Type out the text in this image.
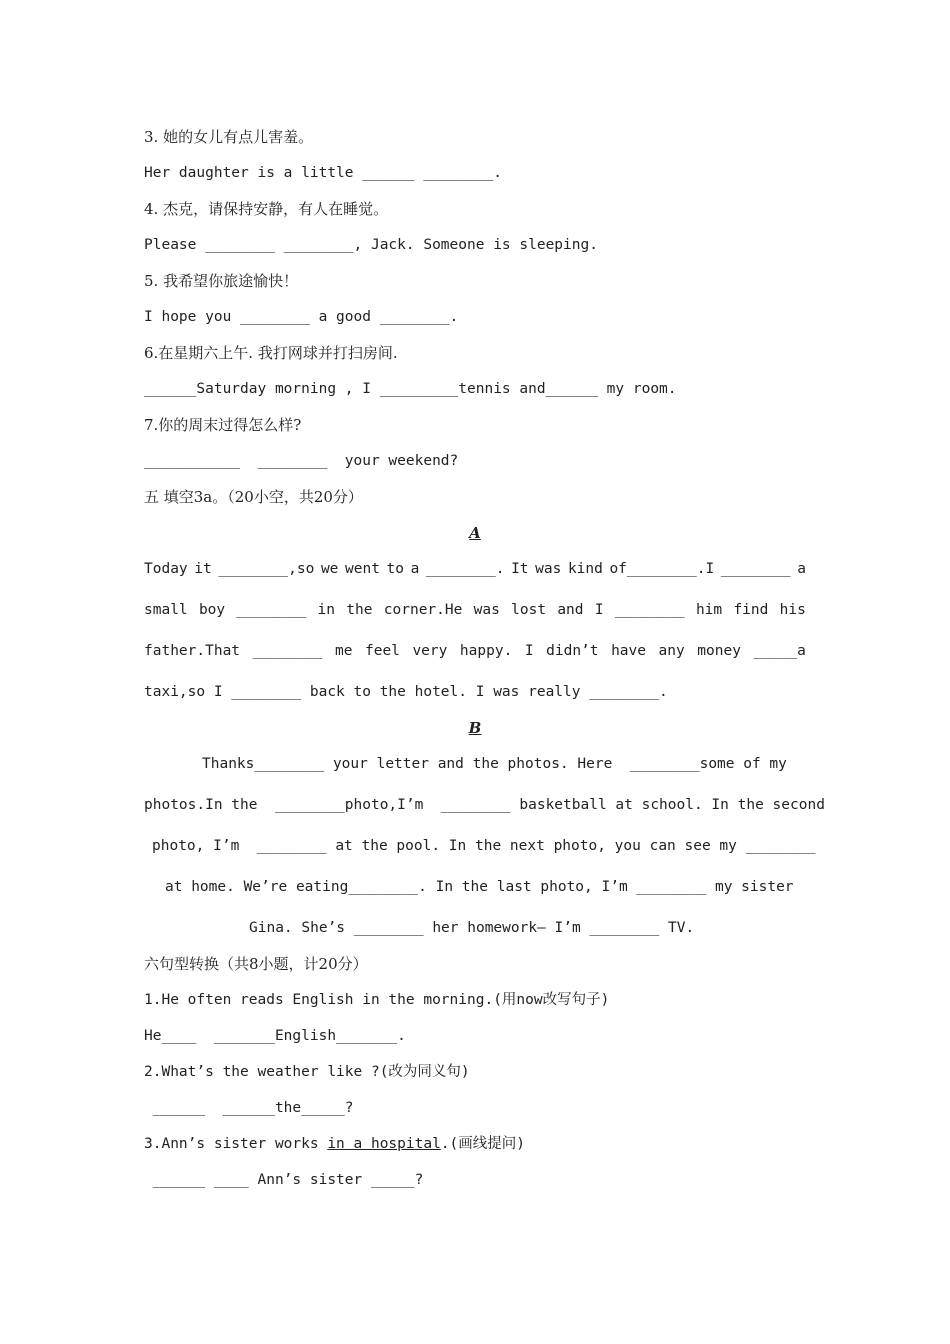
3. 她的女儿有点儿害羞。
Her daughter is a little ______ ________.
4. 杰克，请保持安静，有人在睡觉。
Please ________ ________, Jack. Someone is sleeping.
5. 我希望你旅途愉快！
I hope you ________ a good ________.
6.在星期六上午. 我打网球并打扫房间.
______Saturday morning , I _________tennis and______ my room.
7.你的周末过得怎么样?
___________  ________  your weekend?
五 填空3a。（20小空，共20分）
A
Today it ________,so we went to a ________. It was kind of________.I ________ a
small boy ________ in the corner.He was lost and I ________ him find his
father.That ________ me feel very happy. I didn’t have any money _____a
taxi,so I ________ back to the hotel. I was really ________.
B
Thanks________ your letter and the photos. Here  ________some of my
photos.In the  ________photo,I’m  ________ basketball at school. In the second
photo, I’m  ________ at the pool. In the next photo, you can see my ________
at home. We’re eating________. In the last photo, I’m ________ my sister
Gina. She’s ________ her homework– I’m ________ TV.
六句型转换（共8小题，计20分）
1.He often reads English in the morning.(用now改写句子)
He____  _______English_______.
2.What’s the weather like ?(改为同义句)
______  ______the_____?
3.Ann’s sister works in a hospital.(画线提问)
______ ____ Ann’s sister _____?
